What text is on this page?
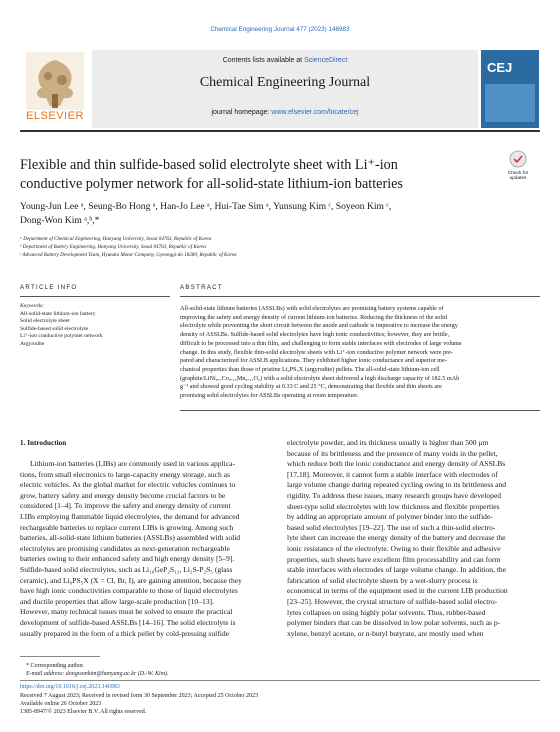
Chemical Engineering Journal 477 (2023) 146983
ELSEVIER
Contents lists available at ScienceDirect
Chemical Engineering Journal
journal homepage: www.elsevier.com/locate/cej
CEJ
Flexible and thin sulfide-based solid electrolyte sheet with Li⁺-ion
conductive polymer network for all-solid-state lithium-ion batteries
Check for
updates
Young-Jun Lee ᵃ, Seung-Bo Hong ᵃ, Han-Jo Lee ᵃ, Hui-Tae Sim ᵃ, Yunsung Kim ᶜ, Soyeon Kim ᶜ,
Dong-Won Kim ᵃ,ᵇ,*
ᵃ Department of Chemical Engineering, Hanyang University, Seoul 04763, Republic of Korea
ᵇ Department of Battery Engineering, Hanyang University, Seoul 04763, Republic of Korea
ᶜ Advanced Battery Development Team, Hyundai Motor Company, Gyeonggi-do 18280, Republic of Korea
ARTICLE INFO	ABSTRACT
Keywords:
All-solid-state lithium-ion battery
Solid electrolyte sheet
Sulfide-based solid electrolyte
Li⁺-ion conductive polymer network
Argyrodite
All-solid-state lithium batteries (ASSLBs) with solid electrolytes are promising battery systems capable of
improving the safety and energy density of current lithium-ion batteries. Reducing the thickness of the solid
electrolyte while preventing the short circuit between the anode and cathode is imperative to increase the energy
density of ASSLBs. Sulfide-based solid electrolytes have high ionic conductivities; however, they are brittle,
difficult to be processed into a thin film, and challenging to form stable interfaces with electrodes of large volume
change. In this study, flexible thin-solid electrolyte sheets with Li⁺-ion conductive polymer network were pre-
pared and characterized for ASSLB applications. They exhibited higher ionic conductance and superior me-
chanical properties than those of pristine Li₆PS₅X (argyrodite) pellets. The all-solid-state lithium-ion cell
(graphite/LiNi₀.₇Co₀.₁₅Mn₀.₁₅O₂) with a solid electrolyte sheet delivered a high discharge capacity of 182.5 mAh
g⁻¹ and showed good cycling stability at 0.33 C and 25 °C, demonstrating that flexible and thin sheets are
promising solid electrolytes for ASSLBs operating at room temperature.
1. Introduction
Lithium-ion batteries (LIBs) are commonly used in various applica-
tions, from small electronics to large-capacity energy storage, such as
electric vehicles. As the global market for electric vehicles continues to
grow, battery safety and energy density become crucial factors to be
considered [1–4]. To improve the safety and energy density of current
LIBs employing flammable liquid electrolytes, the demand for advanced
rechargeable batteries to replace current LIBs is growing. Among such
batteries, all-solid-state lithium batteries (ASSLBs) assembled with solid
electrolytes are promising candidates as next-generation rechargeable
batteries owing to their enhanced safety and high energy density [5–9].
Sulfide-based solid electrolytes, such as Li₁₀GeP₂S₁₂, Li₂S-P₂S₅ (glass
ceramic), and Li₆PS₅X (X = Cl, Br, I), are gaining attention, because they
have high ionic conductivities comparable to those of liquid electrolytes
and ductile properties that allow large-scale production [10–13].
However, many technical issues must be solved to ensure the practical
development of sulfide-based ASSLBs [14–16]. The solid electrolyte is
usually prepared in the form of a thick pellet by cold-pressing sulfide
electrolyte powder, and its thickness usually is higher than 500 μm
because of its brittleness and the presence of many voids in the pellet,
which reduce both the ionic conductance and energy density of ASSLBs
[17,18]. Moreover, it cannot form a stable interface with electrodes of
large volume change during repeated cycling owing to its brittleness and
rigidity. To address these issues, many research groups have developed
sheet-type solid electrolytes with low thickness and flexible properties
by adding an appropriate amount of polymer binder into the sulfide-
based solid electrolytes [19–22]. The use of such a thin-solid electro-
lyte sheet can increase the energy density of the battery and decrease the
ionic resistance of the electrolyte. Owing to their flexible and adhesive
properties, such sheets have excellent film processability and can form
stable interfaces with electrodes of large volume change. In addition, the
fabrication of solid electrolyte sheets by a wet-slurry process is
economical in terms of the equipment used in the current LIB production
[23–25]. However, the crystal structure of sulfide-based solid electro-
lytes collapses on using highly polar solvents. Thus, rubber-based
polymer binders that can be dissolved in low polar solvents, such as p-
xylene, benzyl acetate, or n-butyl butyrate, are mostly used when
* Corresponding author.
E-mail address: dongwonkim@hanyang.ac.kr (D.-W. Kim).
https://doi.org/10.1016/j.cej.2023.146983
Received 7 August 2023; Received in revised form 30 September 2023; Accepted 25 October 2023
Available online 26 October 2023
1385-8947/© 2023 Elsevier B.V. All rights reserved.
